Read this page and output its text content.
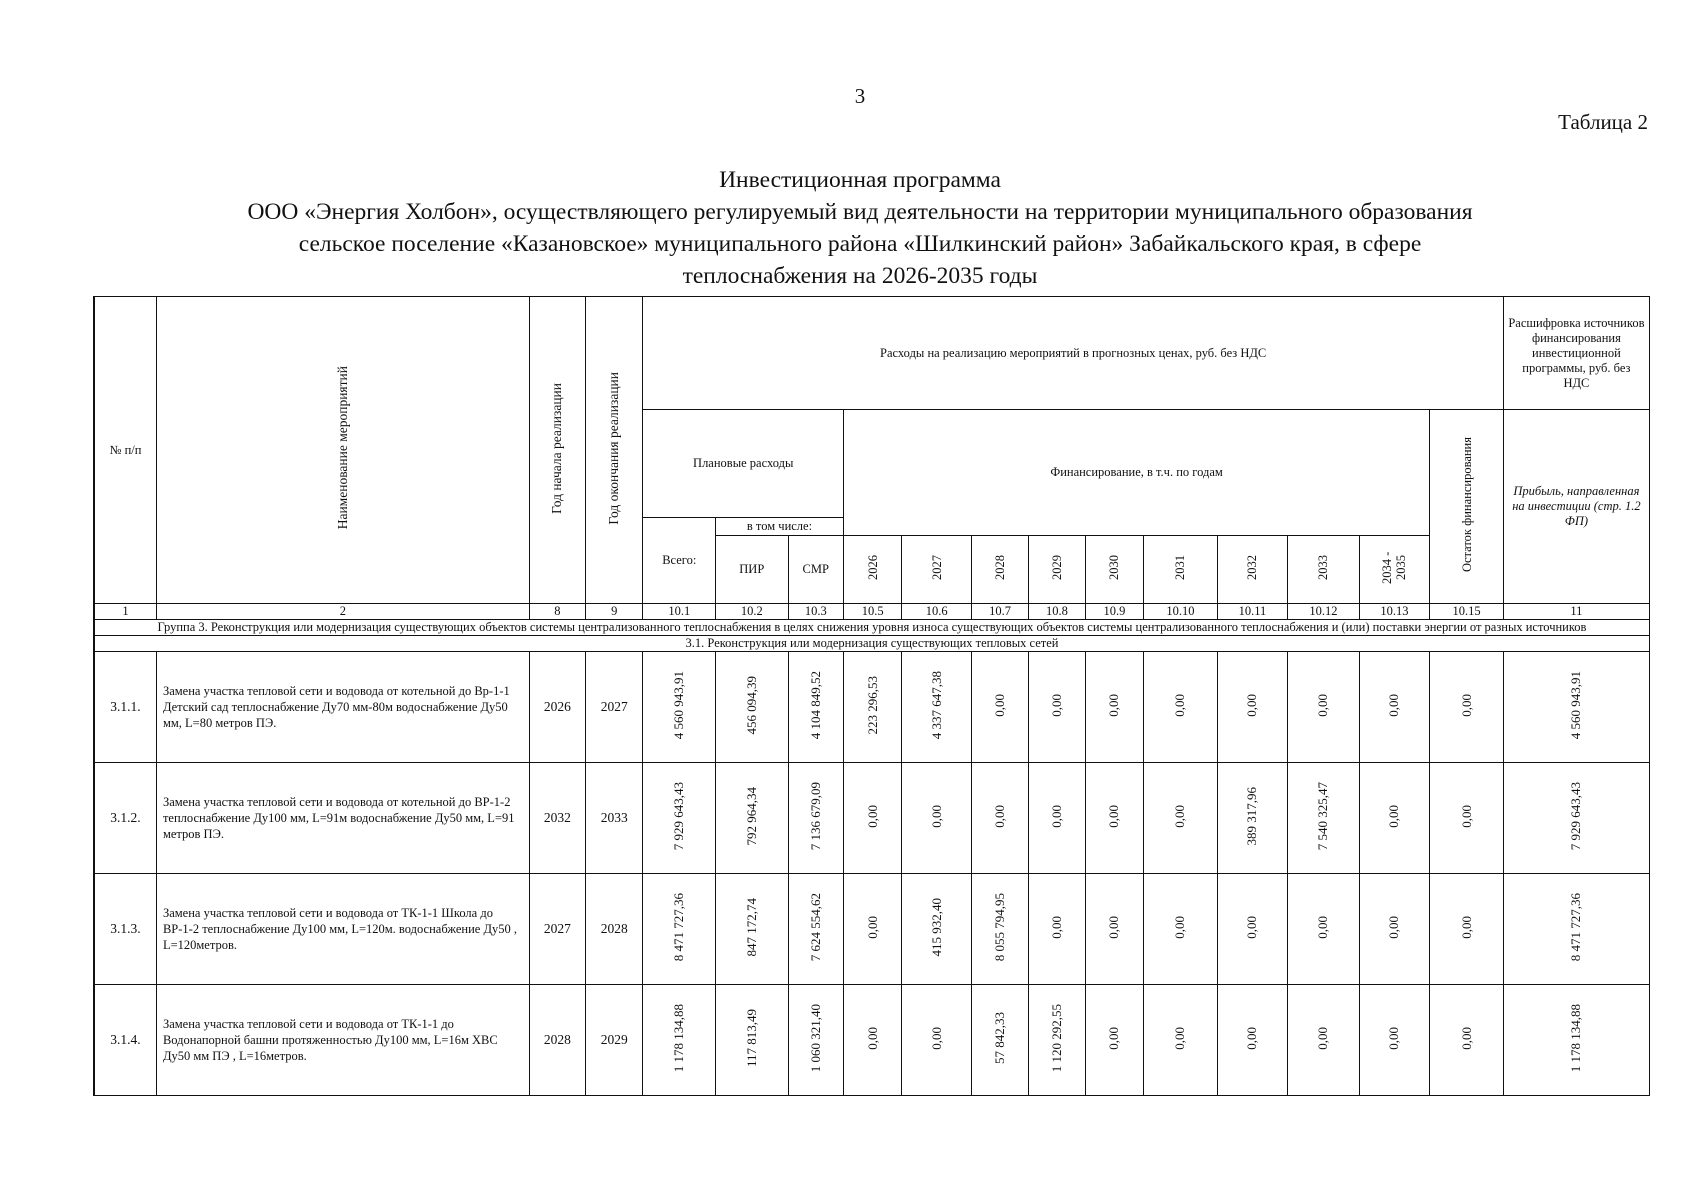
3
Таблица 2
Инвестиционная программа
ООО «Энергия Холбон», осуществляющего регулируемый вид деятельности на территории муниципального образования
сельское поселение «Казановское» муниципального района «Шилкинский район» Забайкальского края, в сфере
теплоснабжения на 2026-2035 годы
№ п/п	Наименование мероприятий	Год начала реализации	Год окончания реализации	Расходы на реализацию мероприятий в прогнозных ценах, руб. без НДС													Расшифровка источников финансирования инвестиционной программы, руб. без НДС

				Плановые расходы			Финансирование, в т.ч. по годам									Остаток финансирования	Прибыль, направленная на инвестиции (стр. 1.2 ФП)

				Всего:	в том числе:												
					ПИР	СМР	2026	2027	2028	2029	2030	2031	2032	2033	2034 - 2035		
1	2	8	9	10.1	10.2	10.3	10.5	10.6	10.7	10.8	10.9	10.10	10.11	10.12	10.13	10.15	11
Группа 3. Реконструкция или модернизация существующих объектов системы централизованного теплоснабжения в целях снижения уровня износа существующих объектов системы централизованного теплоснабжения и (или) поставки энергии от разных источников																	
3.1. Реконструкция или модернизация существующих тепловых сетей																	
3.1.1.	Замена участка тепловой сети и водовода от котельной до Вр-1-1 Детский сад теплоснабжение Ду70 мм-80м водоснабжение Ду50 мм, L=80 метров ПЭ.	2026	2027	4 560 943,91	456 094,39	4 104 849,52	223 296,53	4 337 647,38	0,00	0,00	0,00	0,00	0,00	0,00	0,00	0,00	4 560 943,91
3.1.2.	Замена участка тепловой сети и водовода от котельной до ВР-1-2 теплоснабжение Ду100 мм, L=91м водоснабжение Ду50 мм, L=91 метров ПЭ.	2032	2033	7 929 643,43	792 964,34	7 136 679,09	0,00	0,00	0,00	0,00	0,00	0,00	389 317,96	7 540 325,47	0,00	0,00	7 929 643,43
3.1.3.	Замена участка тепловой сети и водовода от ТК-1-1 Школа до ВР-1-2 теплоснабжение Ду100 мм, L=120м. водоснабжение Ду50 , L=120метров.	2027	2028	8 471 727,36	847 172,74	7 624 554,62	0,00	415 932,40	8 055 794,95	0,00	0,00	0,00	0,00	0,00	0,00	0,00	8 471 727,36
3.1.4.	Замена участка тепловой сети и водовода от ТК-1-1 до Водонапорной башни протяженностью Ду100 мм, L=16м ХВС Ду50 мм ПЭ , L=16метров.	2028	2029	1 178 134,88	117 813,49	1 060 321,40	0,00	0,00	57 842,33	1 120 292,55	0,00	0,00	0,00	0,00	0,00	0,00	1 178 134,88
